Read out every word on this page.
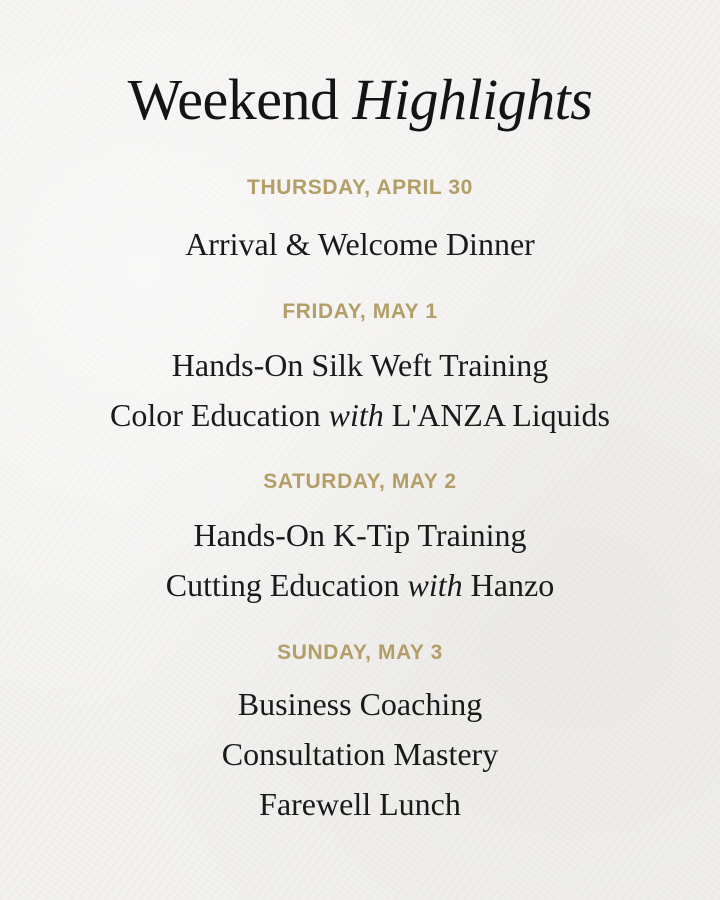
Weekend Highlights
THURSDAY, APRIL 30
Arrival & Welcome Dinner
FRIDAY, MAY 1
Hands-On Silk Weft Training
Color Education with L'ANZA Liquids
SATURDAY, MAY 2
Hands-On K-Tip Training
Cutting Education with Hanzo
SUNDAY, MAY 3
Business Coaching
Consultation Mastery
Farewell Lunch
